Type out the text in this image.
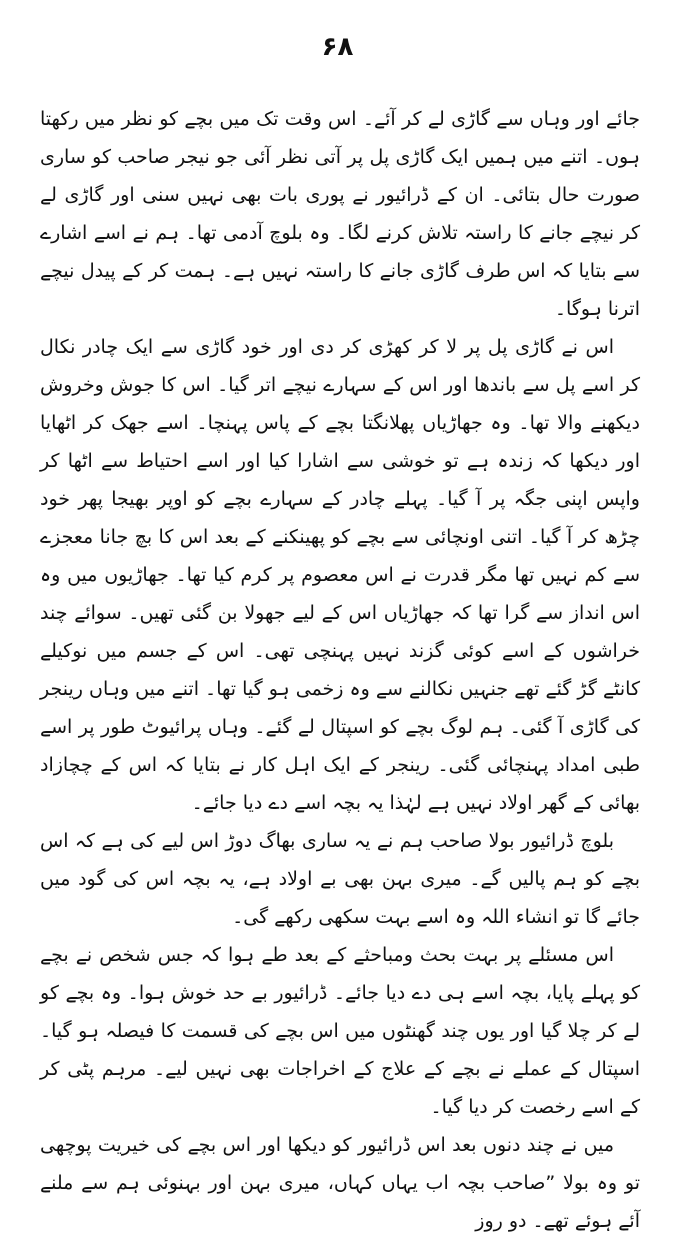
۶۸

جائے اور وہاں سے گاڑی لے کر آئے۔ اس وقت تک میں بچے کو نظر میں رکھتا ہوں۔ اتنے میں ہمیں ایک گاڑی پل پر آتی نظر آئی جو نیجر صاحب کو ساری صورت حال بتائی۔ ان کے ڈرائیور نے پوری بات بھی نہیں سنی اور گاڑی لے کر نیچے جانے کا راستہ تلاش کرنے لگا۔ وہ بلوچ آدمی تھا۔ ہم نے اسے اشارے سے بتایا کہ اس طرف گاڑی جانے کا راستہ نہیں ہے۔ ہمت کر کے پیدل نیچے اترنا ہوگا۔

اس نے گاڑی پل پر لا کر کھڑی کر دی اور خود گاڑی سے ایک چادر نکال کر اسے پل سے باندھا اور اس کے سہارے نیچے اتر گیا۔ اس کا جوش وخروش دیکھنے والا تھا۔ وہ جھاڑیاں پھلانگتا بچے کے پاس پہنچا۔ اسے جھک کر اٹھایا اور دیکھا کہ زندہ ہے تو خوشی سے اشارا کیا اور اسے احتیاط سے اٹھا کر واپس اپنی جگہ پر آ گیا۔ پہلے چادر کے سہارے بچے کو اوپر بھیجا پھر خود چڑھ کر آ گیا۔ اتنی اونچائی سے بچے کو پھینکنے کے بعد اس کا بچ جانا معجزے سے کم نہیں تھا مگر قدرت نے اس معصوم پر کرم کیا تھا۔ جھاڑیوں میں وہ اس انداز سے گرا تھا کہ جھاڑیاں اس کے لیے جھولا بن گئی تھیں۔ سوائے چند خراشوں کے اسے کوئی گزند نہیں پہنچی تھی۔ اس کے جسم میں نوکیلے کانٹے گڑ گئے تھے جنہیں نکالنے سے وہ زخمی ہو گیا تھا۔ اتنے میں وہاں رینجر کی گاڑی آ گئی۔ ہم لوگ بچے کو اسپتال لے گئے۔ وہاں پرائیوٹ طور پر اسے طبی امداد پہنچائی گئی۔ رینجر کے ایک اہل کار نے بتایا کہ اس کے چچازاد بھائی کے گھر اولاد نہیں ہے لہٰذا یہ بچہ اسے دے دیا جائے۔

بلوچ ڈرائیور بولا صاحب ہم نے یہ ساری بھاگ دوڑ اس لیے کی ہے کہ اس بچے کو ہم پالیں گے۔ میری بہن بھی بے اولاد ہے، یہ بچہ اس کی گود میں جائے گا تو انشاء اللہ وہ اسے بہت سکھی رکھے گی۔

اس مسئلے پر بہت بحث ومباحثے کے بعد طے ہوا کہ جس شخص نے بچے کو پہلے پایا، بچہ اسے ہی دے دیا جائے۔ ڈرائیور بے حد خوش ہوا۔ وہ بچے کو لے کر چلا گیا اور یوں چند گھنٹوں میں اس بچے کی قسمت کا فیصلہ ہو گیا۔ اسپتال کے عملے نے بچے کے علاج کے اخراجات بھی نہیں لیے۔ مرہم پٹی کر کے اسے رخصت کر دیا گیا۔

میں نے چند دنوں بعد اس ڈرائیور کو دیکھا اور اس بچے کی خیریت پوچھی تو وہ بولا ”صاحب بچہ اب یہاں کہاں، میری بہن اور بہنوئی ہم سے ملنے آئے ہوئے تھے۔ دو روز
